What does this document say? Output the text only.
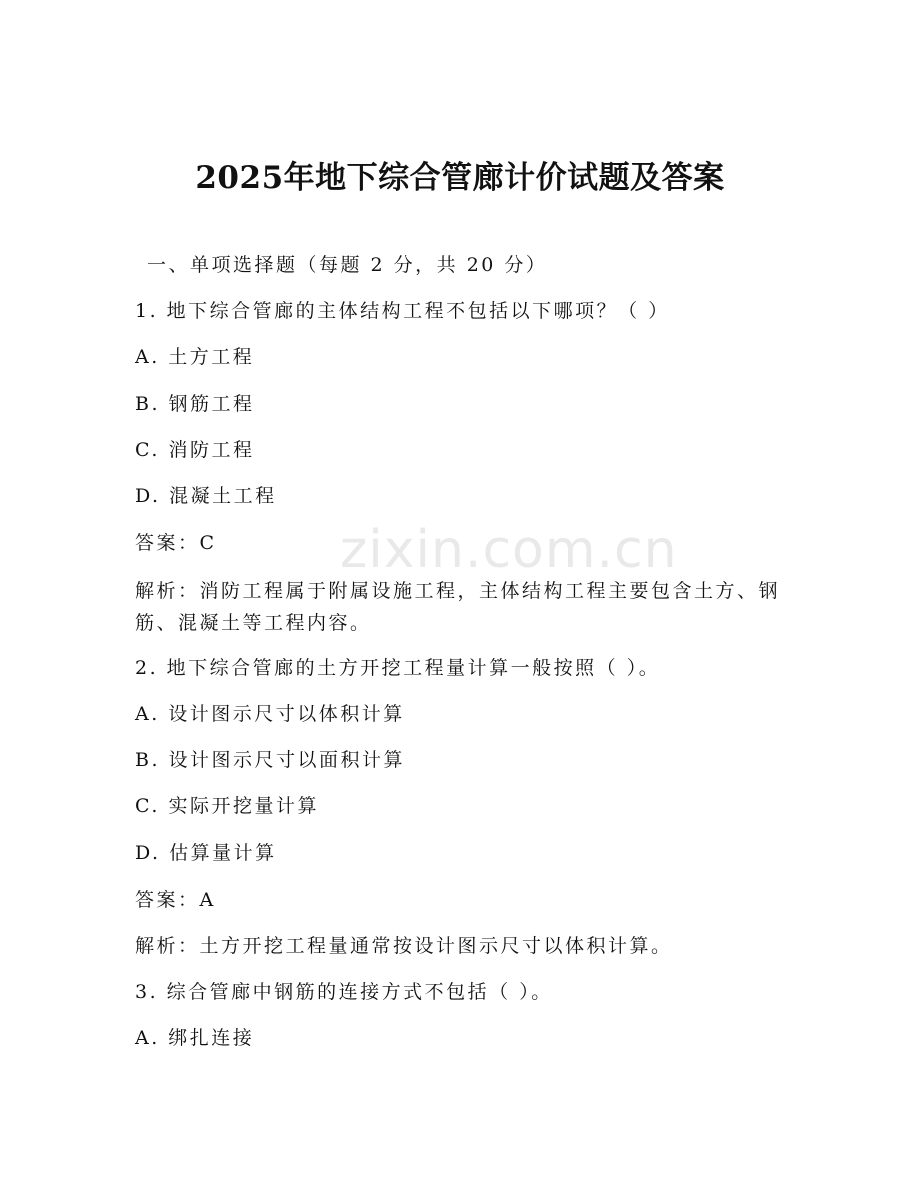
zixin.com.cn
2025年地下综合管廊计价试题及答案
一、单项选择题（每题 2 分，共 20 分）
1. 地下综合管廊的主体结构工程不包括以下哪项？（ ）
A. 土方工程
B. 钢筋工程
C. 消防工程
D. 混凝土工程
答案：C
解析：消防工程属于附属设施工程，主体结构工程主要包含土方、钢
筋、混凝土等工程内容。
2. 地下综合管廊的土方开挖工程量计算一般按照（ ）。
A. 设计图示尺寸以体积计算
B. 设计图示尺寸以面积计算
C. 实际开挖量计算
D. 估算量计算
答案：A
解析：土方开挖工程量通常按设计图示尺寸以体积计算。
3. 综合管廊中钢筋的连接方式不包括（ ）。
A. 绑扎连接
